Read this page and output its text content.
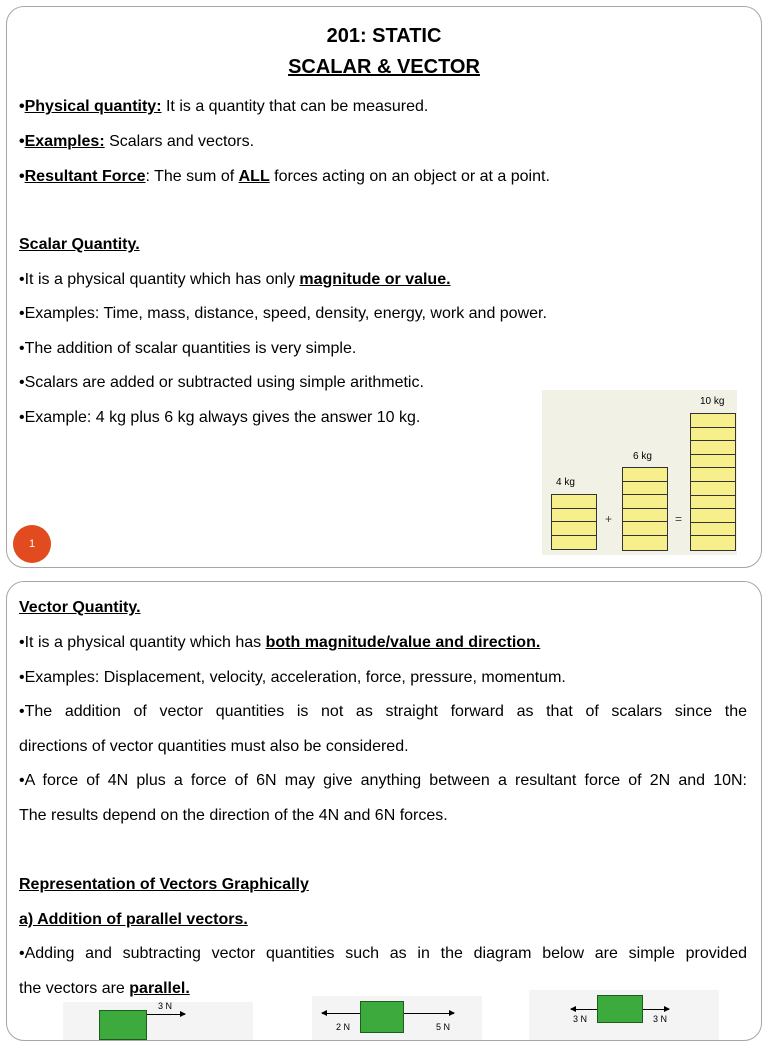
201: STATIC
SCALAR & VECTOR
•Physical quantity: It is a quantity that can be measured.
•Examples: Scalars and vectors.
•Resultant Force: The sum of ALL forces acting on an object or at a point.
Scalar Quantity.
•It is a physical quantity which has only magnitude or value.
•Examples: Time, mass, distance, speed, density, energy, work and power.
•The addition of scalar quantities is very simple.
•Scalars are added or subtracted using simple arithmetic.
•Example: 4 kg plus 6 kg always gives the answer 10 kg.
1
4 kg
+
6 kg
=
10 kg
Vector Quantity.
•It is a physical quantity which has both magnitude/value and direction.
•Examples: Displacement, velocity, acceleration, force, pressure, momentum.
•The addition of vector quantities is not as straight forward as that of scalars since the
directions of vector quantities must also be considered.
•A force of 4N plus a force of 6N may give anything between a resultant force of 2N and 10N:
The results depend on the direction of the 4N and 6N forces.
Representation of Vectors Graphically
a) Addition of parallel vectors.
•Adding and subtracting vector quantities such as in the diagram below are simple provided
the vectors are parallel.
3 N
2 N	5 N
3 N	3 N
